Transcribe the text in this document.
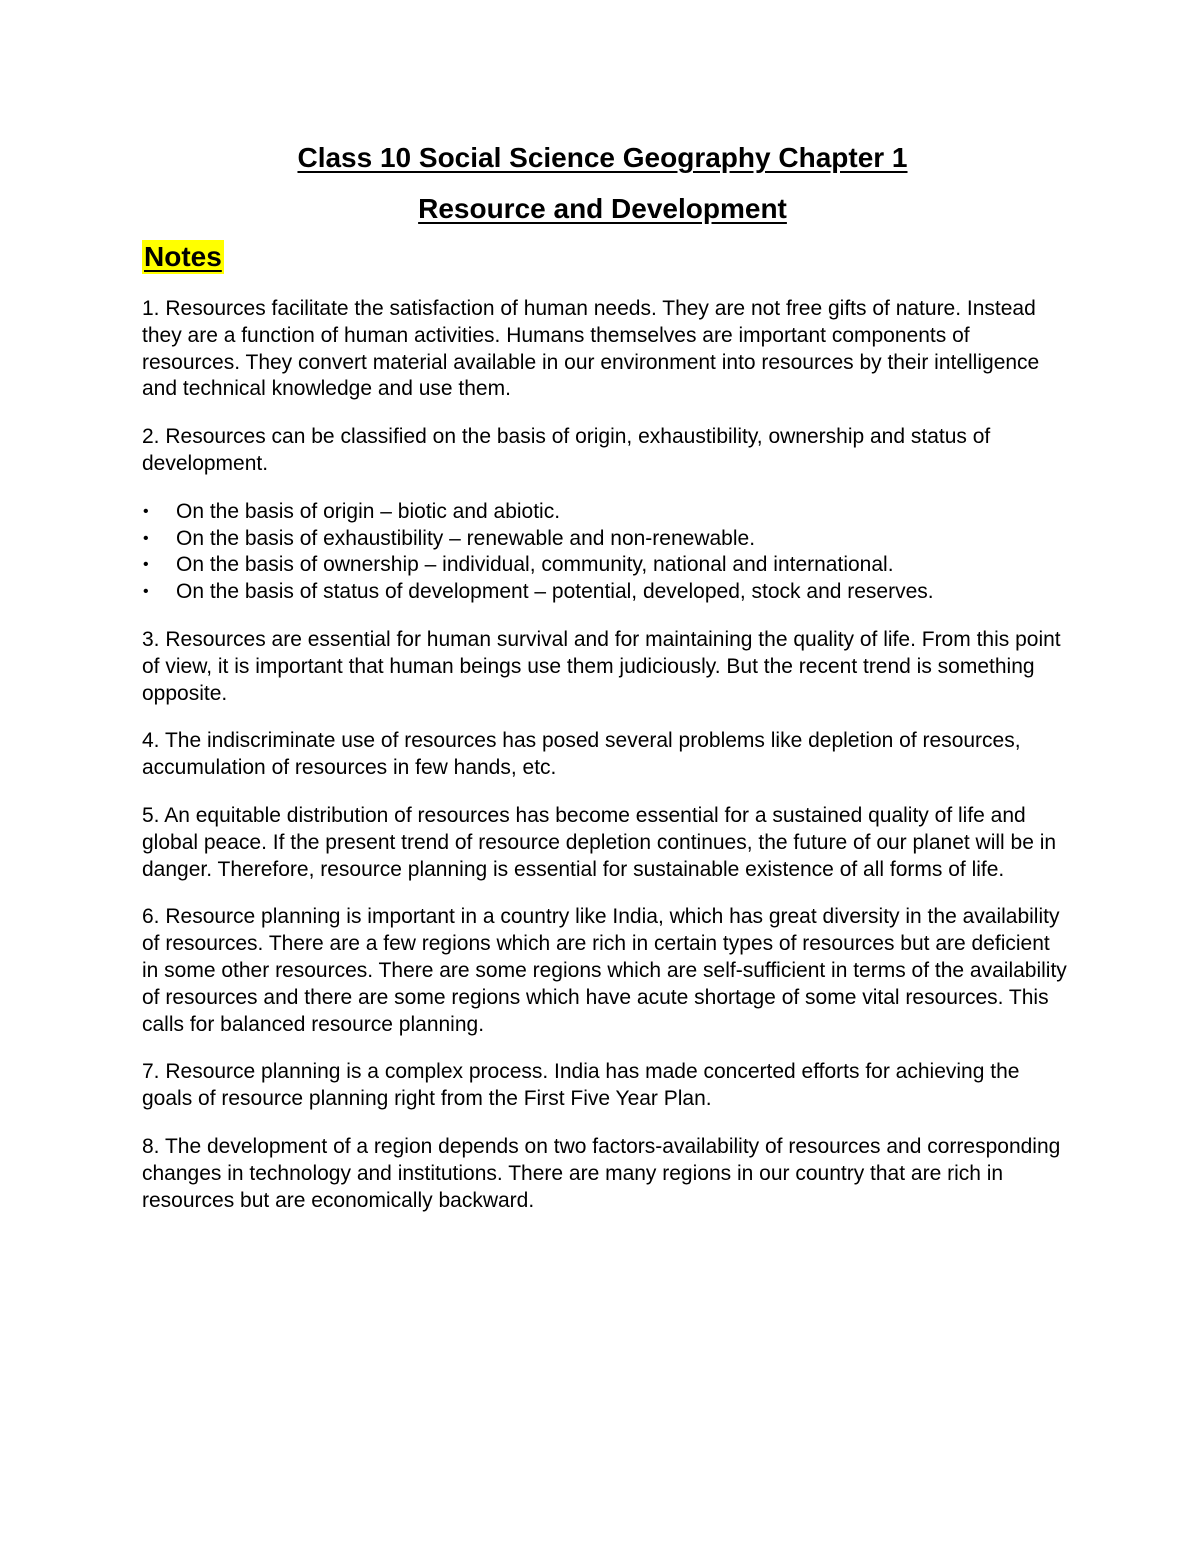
Class 10 Social Science Geography Chapter 1
Resource and Development
Notes

1. Resources facilitate the satisfaction of human needs. They are not free gifts of nature. Instead they are a function of human activities. Humans themselves are important components of resources. They convert material available in our environment into resources by their intelligence and technical knowledge and use them.

2. Resources can be classified on the basis of origin, exhaustibility, ownership and status of development.

• On the basis of origin – biotic and abiotic.
• On the basis of exhaustibility – renewable and non-renewable.
• On the basis of ownership – individual, community, national and international.
• On the basis of status of development – potential, developed, stock and reserves.

3. Resources are essential for human survival and for maintaining the quality of life. From this point of view, it is important that human beings use them judiciously. But the recent trend is something opposite.

4. The indiscriminate use of resources has posed several problems like depletion of resources, accumulation of resources in few hands, etc.

5. An equitable distribution of resources has become essential for a sustained quality of life and global peace. If the present trend of resource depletion continues, the future of our planet will be in danger. Therefore, resource planning is essential for sustainable existence of all forms of life.

6. Resource planning is important in a country like India, which has great diversity in the availability of resources. There are a few regions which are rich in certain types of resources but are deficient in some other resources. There are some regions which are self-sufficient in terms of the availability of resources and there are some regions which have acute shortage of some vital resources. This calls for balanced resource planning.

7. Resource planning is a complex process. India has made concerted efforts for achieving the goals of resource planning right from the First Five Year Plan.

8. The development of a region depends on two factors-availability of resources and corresponding changes in technology and institutions. There are many regions in our country that are rich in resources but are economically backward.
